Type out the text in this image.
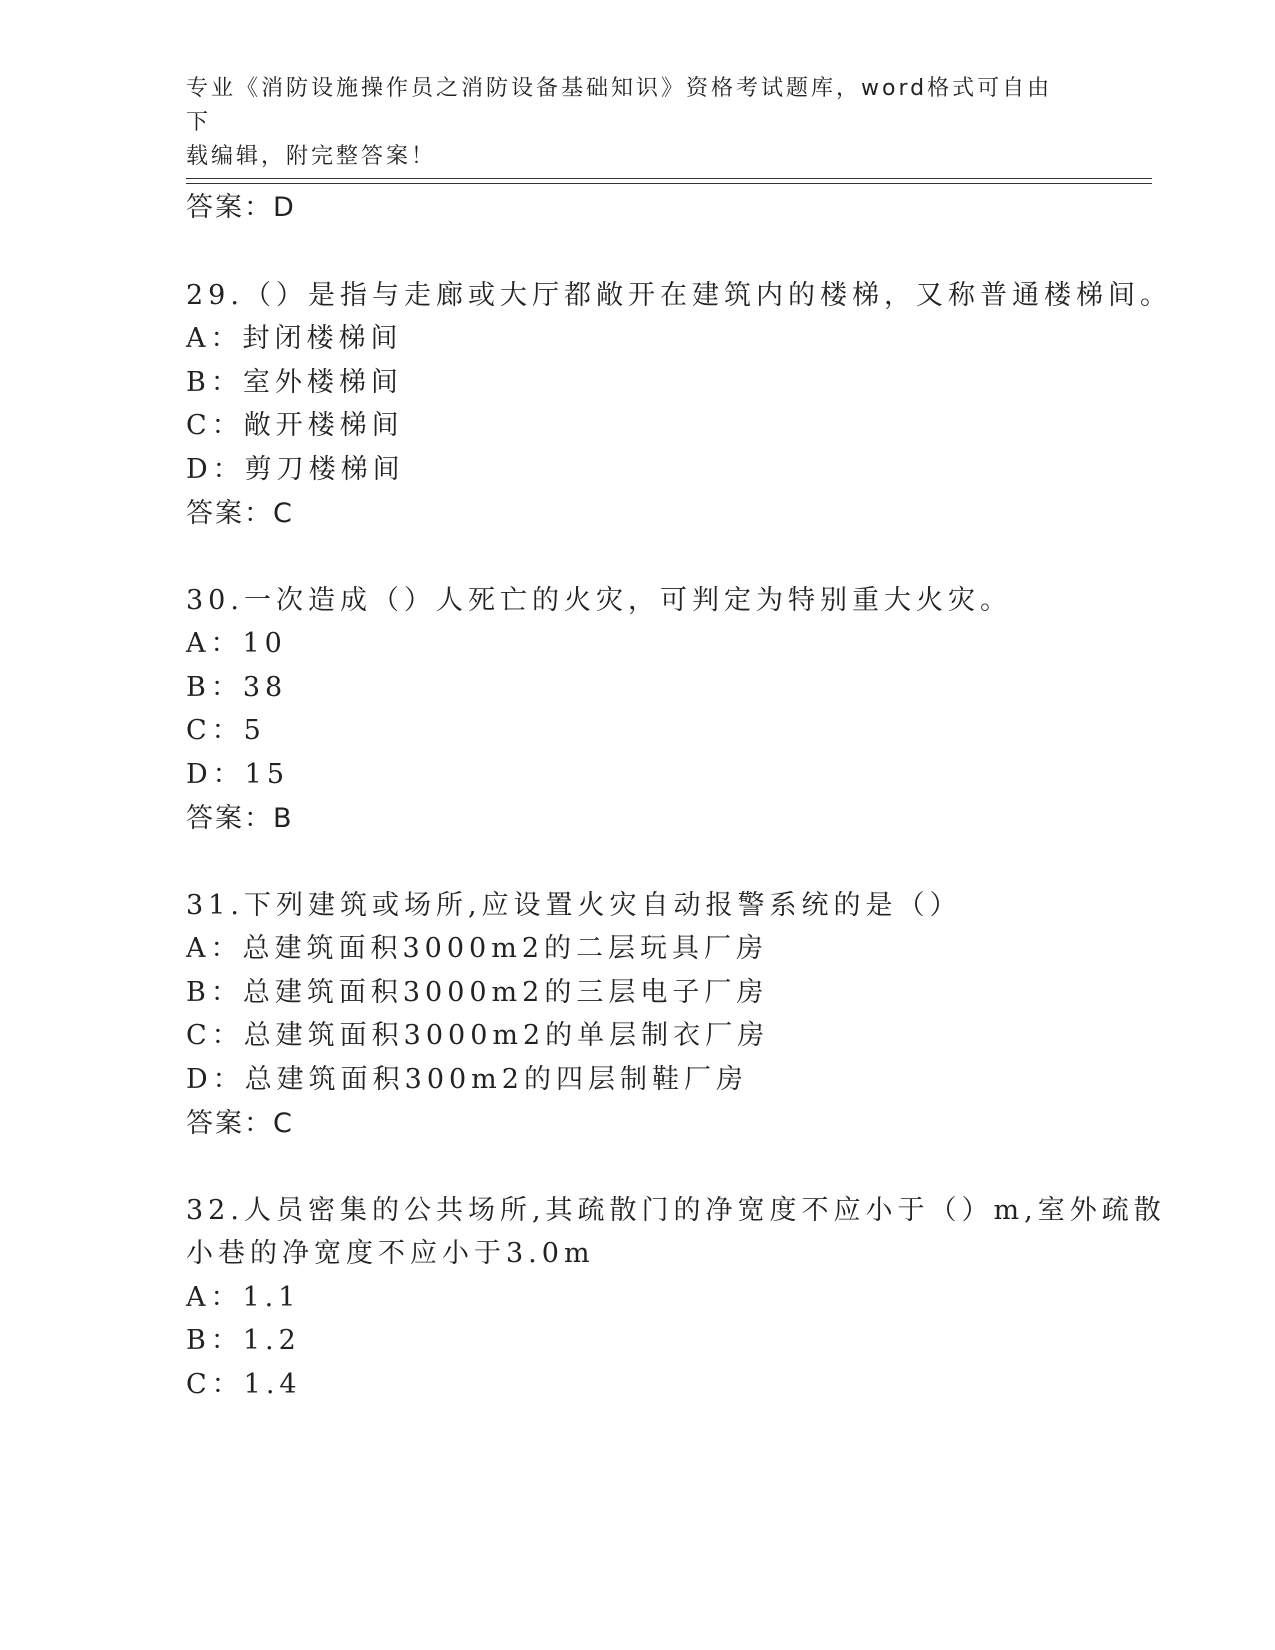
专业《消防设施操作员之消防设备基础知识》资格考试题库，word格式可自由下
载编辑，附完整答案！
答案：D
29.（）是指与走廊或大厅都敞开在建筑内的楼梯，又称普通楼梯间。
A：封闭楼梯间
B：室外楼梯间
C：敞开楼梯间
D：剪刀楼梯间
答案：C
30.一次造成（）人死亡的火灾，可判定为特别重大火灾。
A：10
B：38
C：5
D：15
答案：B
31.下列建筑或场所,应设置火灾自动报警系统的是（）
A：总建筑面积3000m2的二层玩具厂房
B：总建筑面积3000m2的三层电子厂房
C：总建筑面积3000m2的单层制衣厂房
D：总建筑面积300m2的四层制鞋厂房
答案：C
32.人员密集的公共场所,其疏散门的净宽度不应小于（）m,室外疏散
小巷的净宽度不应小于3.0m
A：1.1
B：1.2
C：1.4
